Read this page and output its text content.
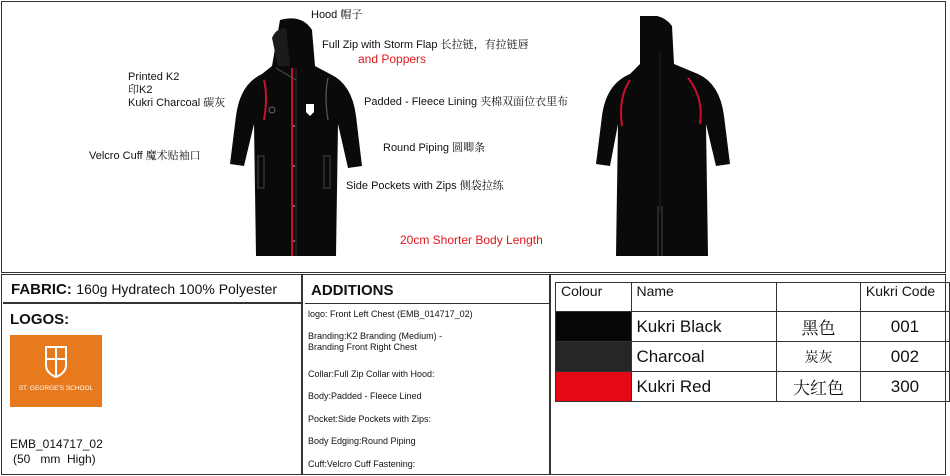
Hood 帽子
Full Zip with Storm Flap 长拉链，有拉链唇
and Poppers
Printed K2
印K2
Kukri Charcoal 碳灰	Padded - Fleece Lining 夹棉双面位衣里布
Velcro Cuff 魔术贴袖口
Round Piping 圆唧条
Side Pockets with Zips 侧袋拉练
20cm Shorter Body Length
FABRIC: 160g Hydratech 100% Polyester
LOGOS:
ST. GEORGE'S SCHOOL
EMB_014717_02
(50   mm  High)
ADDITIONS
logo: Front Left Chest (EMB_014717_02)
Branding:K2 Branding (Medium) -
Branding Front Right Chest
Collar:Full Zip Collar with Hood:
Body:Padded - Fleece Lined
Pocket:Side Pockets with Zips:
Body Edging:Round Piping
Cuff:Velcro Cuff Fastening:
Colour	Name		Kukri Code
	Kukri Black	黑色	001
	Charcoal	炭灰	002
	Kukri Red	大红色	300
